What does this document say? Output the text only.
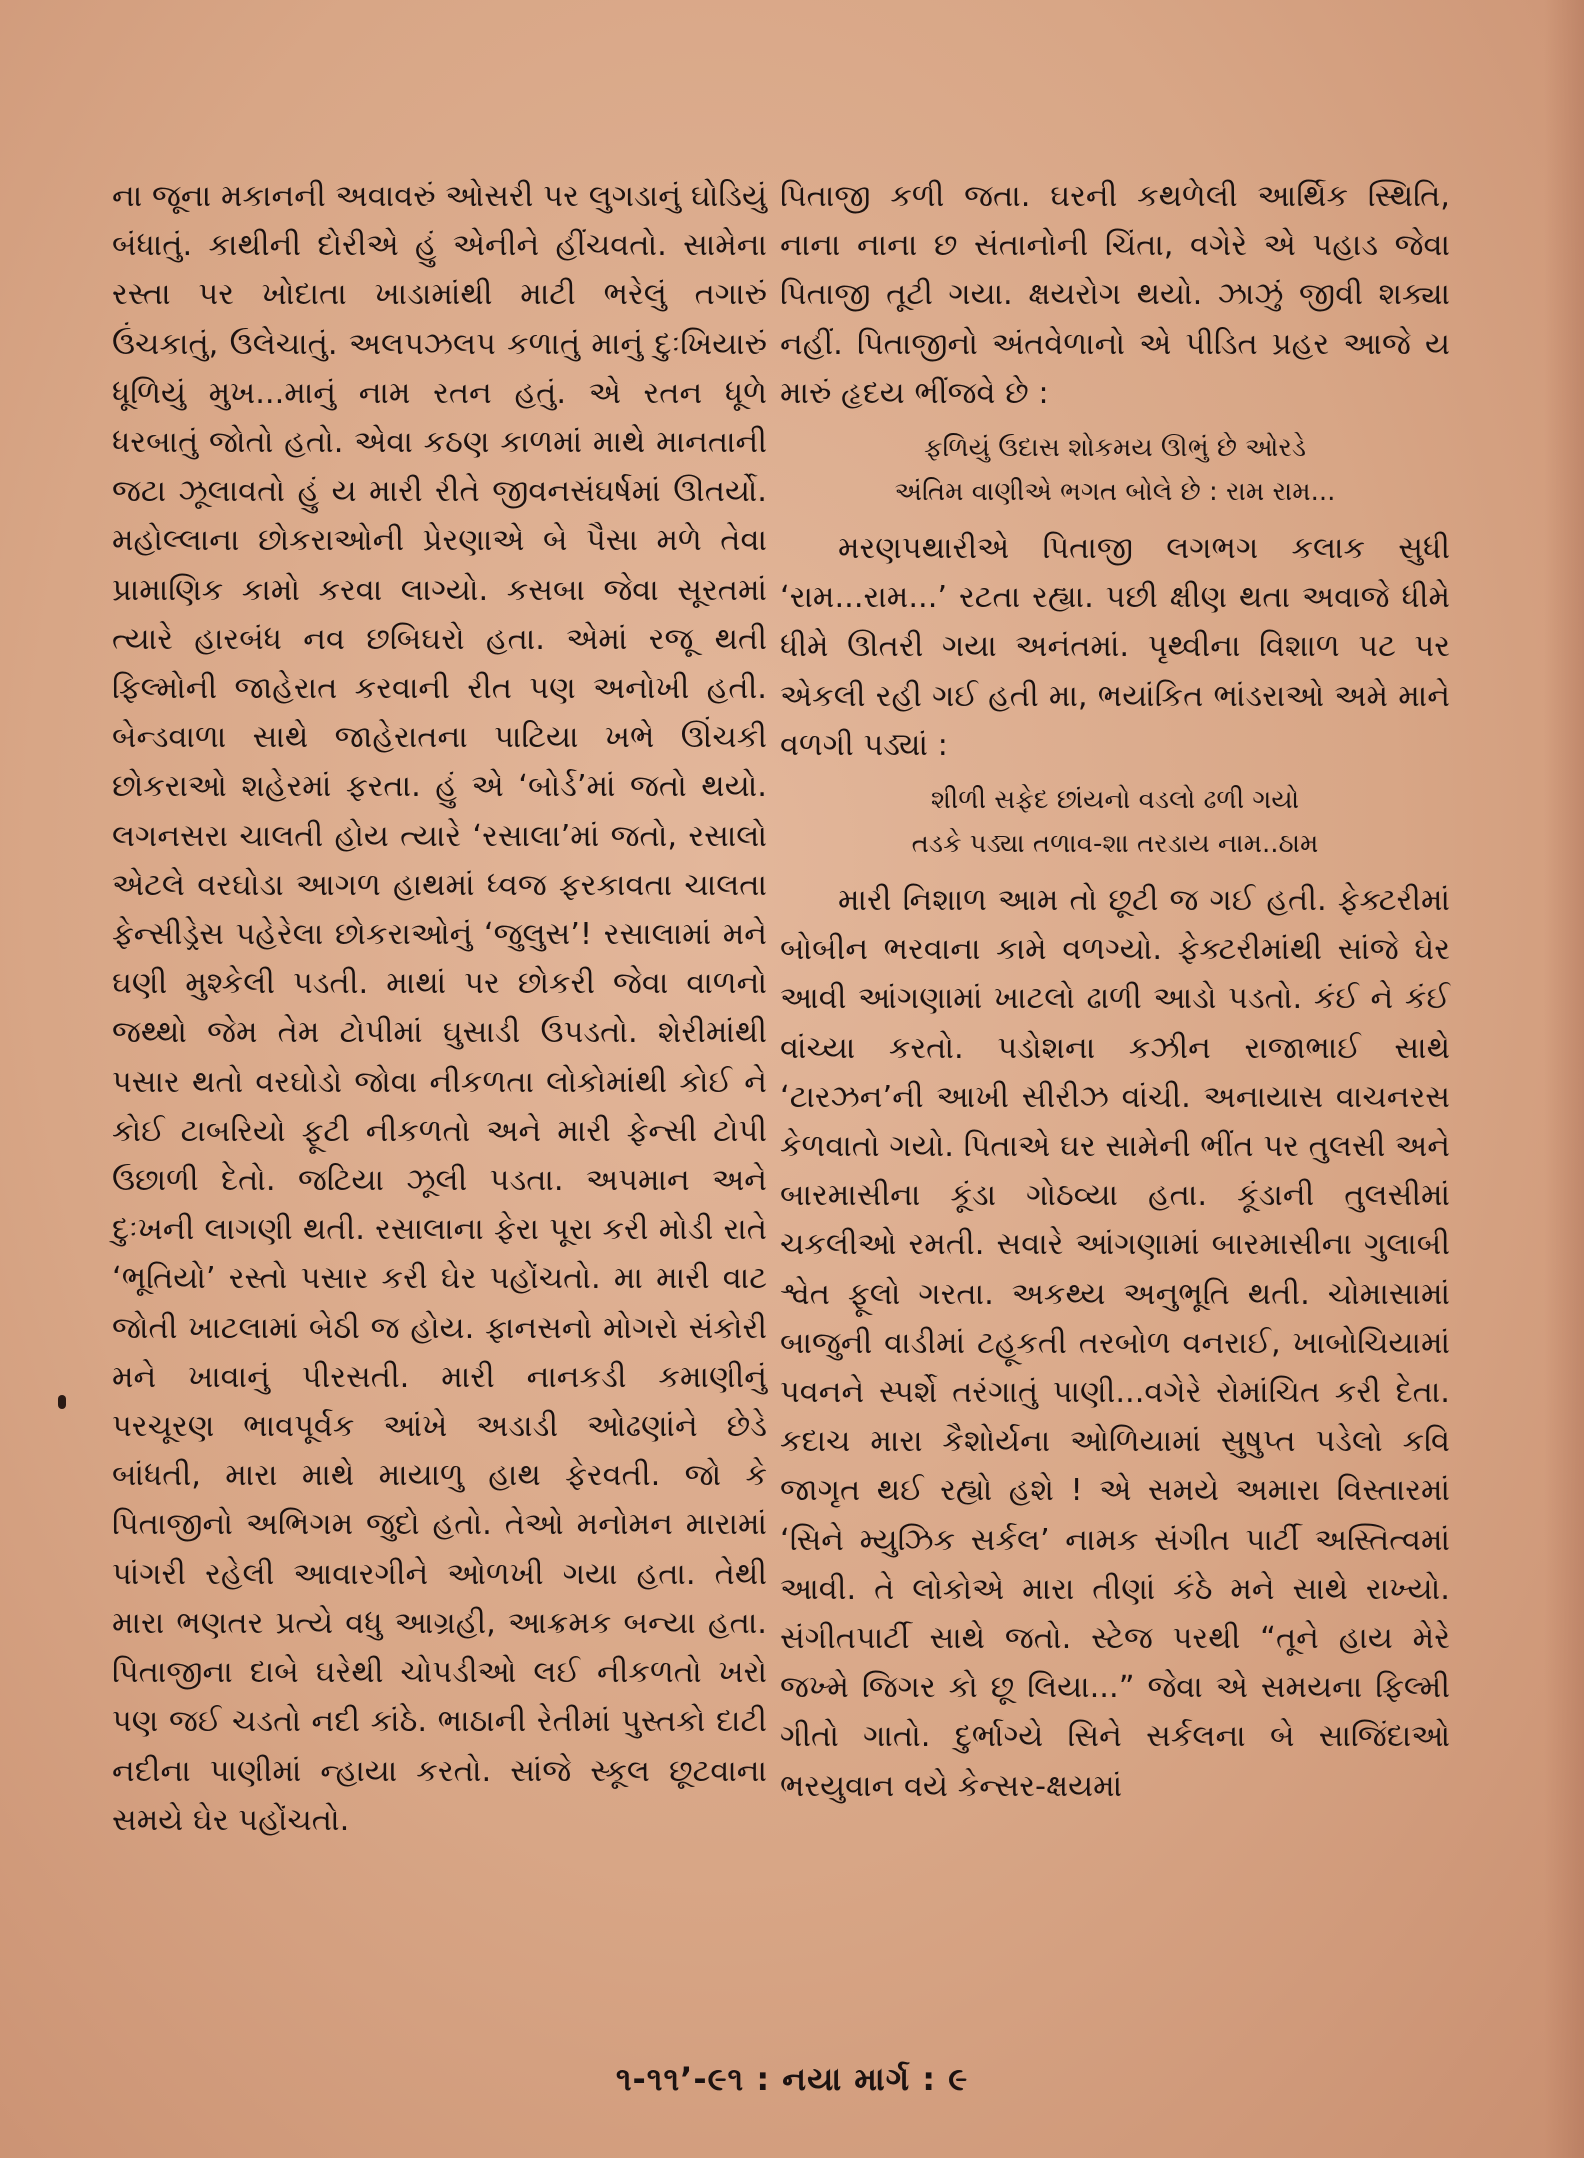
ના જૂના મકાનની અવાવરું ઓસરી પર લુગડાનું ઘોડિયું બંધાતું. કાથીની દોરીએ હું એનીને હીંચવતો. સામેના રસ્તા પર ખોદાતા ખાડામાંથી માટી ભરેલું તગારું ઉંચકાતું, ઉલેચાતું. અલપઝલપ કળાતું માનું દુઃખિયારું ધૂળિયું મુખ...માનું નામ રતન હતું. એ રતન ધૂળે ધરબાતું જોતો હતો. એવા કઠણ કાળમાં માથે માનતાની જટા ઝૂલાવતો હું ય મારી રીતે જીવનસંઘર્ષમાં ઊતર્યો. મહોલ્લાના છોકરાઓની પ્રેરણાએ બે પૈસા મળે તેવા પ્રામાણિક કામો કરવા લાગ્યો. કસબા જેવા સૂરતમાં ત્યારે હારબંધ નવ છબિઘરો હતા. એમાં રજૂ થતી ફિલ્મોની જાહેરાત કરવાની રીત પણ અનોખી હતી. બેન્ડવાળા સાથે જાહેરાતના પાટિયા ખભે ઊંચકી છોકરાઓ શહેરમાં ફરતા. હું એ ‘બોર્ડ’માં જતો થયો. લગનસરા ચાલતી હોય ત્યારે ‘રસાલા’માં જતો, રસાલો એટલે વરઘોડા આગળ હાથમાં ધ્વજ ફરકાવતા ચાલતા ફેન્સીડ્રેસ પહેરેલા છોકરાઓનું ‘જુલુસ’! રસાલામાં મને ઘણી મુશ્કેલી પડતી. માથાં પર છોકરી જેવા વાળનો જથ્થો જેમ તેમ ટોપીમાં ઘુસાડી ઉપડતો. શેરીમાંથી પસાર થતો વરઘોડો જોવા નીકળતા લોકોમાંથી કોઈ ને કોઈ ટાબરિયો ફૂટી નીકળતો અને મારી ફેન્સી ટોપી ઉછાળી દેતો. જટિયા ઝૂલી પડતા. અપમાન અને દુઃખની લાગણી થતી. રસાલાના ફેરા પૂરા કરી મોડી રાતે ‘ભૂતિયો’ રસ્તો પસાર કરી ઘેર પહોંચતો. મા મારી વાટ જોતી ખાટલામાં બેઠી જ હોય. ફાનસનો મોગરો સંકોરી મને ખાવાનું પીરસતી. મારી નાનકડી કમાણીનું પરચૂરણ ભાવપૂર્વક આંખે અડાડી ઓઢણાંને છેડે બાંધતી, મારા માથે માયાળુ હાથ ફેરવતી. જો કે પિતાજીનો અભિગમ જુદો હતો. તેઓ મનોમન મારામાં પાંગરી રહેલી આવારગીને ઓળખી ગયા હતા. તેથી મારા ભણતર પ્રત્યે વધુ આગ્રહી, આક્રમક બન્યા હતા. પિતાજીના દાબે ઘરેથી ચોપડીઓ લઈ નીકળતો ખરો પણ જઈ ચડતો નદી કાંઠે. ભાઠાની રેતીમાં પુસ્તકો દાટી નદીના પાણીમાં ન્હાયા કરતો. સાંજે સ્કૂલ છૂટવાના સમયે ઘેર પહોંચતો.

પિતાજી કળી જતા. ઘરની કથળેલી આર્થિક સ્થિતિ, નાના નાના છ સંતાનોની ચિંતા, વગેરે એ પહાડ જેવા પિતાજી તૂટી ગયા. ક્ષયરોગ થયો. ઝાઝું જીવી શક્યા નહીં. પિતાજીનો અંતવેળાનો એ પીડિત પ્રહર આજે ય મારું હૃદય ભીંજવે છે :

ફળિયું ઉદાસ શોકમય ઊભું છે ઓરડે
અંતિમ વાણીએ ભગત બોલે છે : રામ રામ...

મરણપથારીએ પિતાજી લગભગ કલાક સુધી ‘રામ...રામ...’ રટતા રહ્યા. પછી ક્ષીણ થતા અવાજે ધીમે ધીમે ઊતરી ગયા અનંતમાં. પૃથ્વીના વિશાળ પટ પર એકલી રહી ગઈ હતી મા, ભયાંકિત ભાંડરાઓ અમે માને વળગી પડ્યાં :

શીળી સફેદ છાંયનો વડલો ઢળી ગયો
તડકે પડ્યા તળાવ-શા તરડાય નામ..ઠામ

મારી નિશાળ આમ તો છૂટી જ ગઈ હતી. ફેક્ટરીમાં બોબીન ભરવાના કામે વળગ્યો. ફેક્ટરીમાંથી સાંજે ઘેર આવી આંગણામાં ખાટલો ઢાળી આડો પડતો. કંઈ ને કંઈ વાંચ્યા કરતો. પડોશના કઝીન રાજાભાઈ સાથે ‘ટારઝન’ની આખી સીરીઝ વાંચી. અનાયાસ વાચનરસ કેળવાતો ગયો. પિતાએ ઘર સામેની ભીંત પર તુલસી અને બારમાસીના કૂંડા ગોઠવ્યા હતા. કૂંડાની તુલસીમાં ચકલીઓ રમતી. સવારે આંગણામાં બારમાસીના ગુલાબી શ્વેત ફૂલો ગરતા. અકથ્ય અનુભૂતિ થતી. ચોમાસામાં બાજુની વાડીમાં ટહૂકતી તરબોળ વનરાઈ, ખાબોચિયામાં પવનને સ્પર્શે તરંગાતું પાણી...વગેરે રોમાંચિત કરી દેતા. કદાચ મારા કૈશોર્યના ઓળિયામાં સુષુપ્ત પડેલો કવિ જાગૃત થઈ રહ્યો હશે ! એ સમયે અમારા વિસ્તારમાં ‘સિને મ્યુઝિક સર્કલ’ નામક સંગીત પાર્ટી અસ્તિત્વમાં આવી. તે લોકોએ મારા તીણાં કંઠે મને સાથે રાખ્યો. સંગીતપાર્ટી સાથે જતો. સ્ટેજ પરથી “તૂને હાય મેરે જખ્મે જિગર કો છૂ લિયા...” જેવા એ સમયના ફિલ્મી ગીતો ગાતો. દુર્ભાગ્યે સિને સર્કલના બે સાજિંદાઓ ભરયુવાન વયે કેન્સર-ક્ષયમાં

૧-૧૧’-૯૧ : નયા માર્ગ : ૯
